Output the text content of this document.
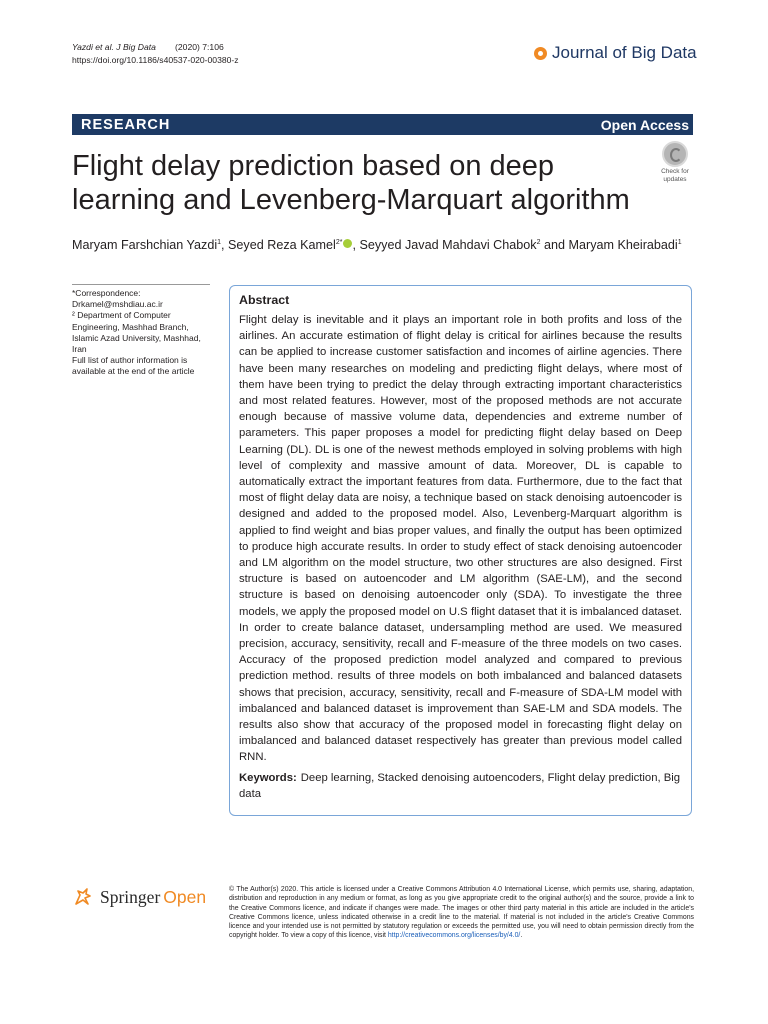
Yazdi et al. J Big Data (2020) 7:106
https://doi.org/10.1186/s40537-020-00380-z	Journal of Big Data
RESEARCH	Open Access
Flight delay prediction based on deep learning and Levenberg-Marquart algorithm
Check for
updates
Maryam Farshchian Yazdi$^1$, Seyed Reza Kamel$^{2*}$ , Seyyed Javad Mahdavi Chabok$^2$ and Maryam Kheirabadi$^1$
*Correspondence:
Drkamel@mshdiau.ac.ir
² Department of Computer Engineering, Mashhad Branch, Islamic Azad University, Mashhad, Iran
Full list of author information is available at the end of the article
Abstract
Flight delay is inevitable and it plays an important role in both profits and loss of the airlines. An accurate estimation of flight delay is critical for airlines because the results can be applied to increase customer satisfaction and incomes of airline agencies. There have been many researches on modeling and predicting flight delays, where most of them have been trying to predict the delay through extracting important characteristics and most related features. However, most of the proposed methods are not accurate enough because of massive volume data, dependencies and extreme number of parameters. This paper proposes a model for predicting flight delay based on Deep Learning (DL). DL is one of the newest methods employed in solving problems with high level of complexity and massive amount of data. Moreover, DL is capable to automatically extract the important features from data. Furthermore, due to the fact that most of flight delay data are noisy, a technique based on stack denoising autoencoder is designed and added to the proposed model. Also, Levenberg-Marquart algorithm is applied to find weight and bias proper values, and finally the output has been optimized to produce high accurate results. In order to study effect of stack denoising autoencoder and LM algorithm on the model structure, two other structures are also designed. First structure is based on autoencoder and LM algorithm (SAE-LM), and the second structure is based on denoising autoencoder only (SDA). To investigate the three models, we apply the proposed model on U.S flight dataset that it is imbalanced dataset. In order to create balance dataset, undersampling method are used. We measured precision, accuracy, sensitivity, recall and F-measure of the three models on two cases. Accuracy of the proposed prediction model analyzed and compared to previous prediction method. results of three models on both imbalanced and balanced datasets shows that precision, accuracy, sensitivity, recall and F-measure of SDA-LM model with imbalanced and balanced dataset is improvement than SAE-LM and SDA models. The results also show that accuracy of the proposed model in forecasting flight delay on imbalanced and balanced dataset respectively has greater than previous model called RNN.
Keywords: Deep learning, Stacked denoising autoencoders, Flight delay prediction, Big data
Springer Open	© The Author(s) 2020. This article is licensed under a Creative Commons Attribution 4.0 International License, which permits use, sharing, adaptation, distribution and reproduction in any medium or format, as long as you give appropriate credit to the original author(s) and the source, provide a link to the Creative Commons licence, and indicate if changes were made. The images or other third party material in this article are included in the article's Creative Commons licence, unless indicated otherwise in a credit line to the material. If material is not included in the article's Creative Commons licence and your intended use is not permitted by statutory regulation or exceeds the permitted use, you will need to obtain permission directly from the copyright holder. To view a copy of this licence, visit http://creativecommons.org/licenses/by/4.0/.
